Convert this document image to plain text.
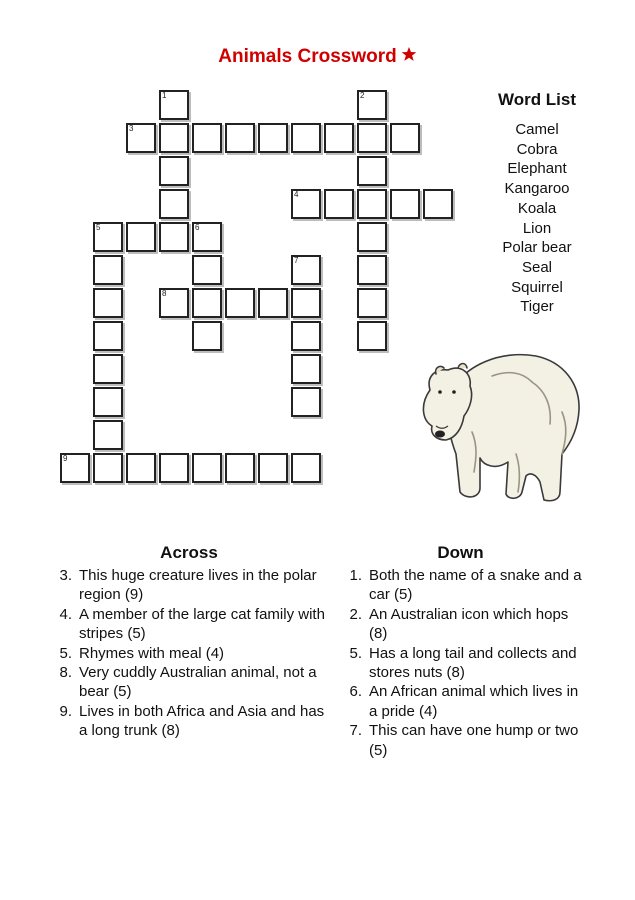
Animals Crossword
3
1	2
4
5	6
7
8
9
Word List
Camel
Cobra
Elephant
Kangaroo
Koala
Lion
Polar bear
Seal
Squirrel
Tiger
Across
3. This huge creature lives in the polar region (9)
4. A member of the large cat family with stripes (5)
5. Rhymes with meal (4)
8. Very cuddly Australian animal, not a bear (5)
9. Lives in both Africa and Asia and has a long trunk (8)
Down
1. Both the name of a snake and a car (5)
2. An Australian icon which hops (8)
5. Has a long tail and collects and stores nuts (8)
6. An African animal which lives in a pride (4)
7. This can have one hump or two (5)
